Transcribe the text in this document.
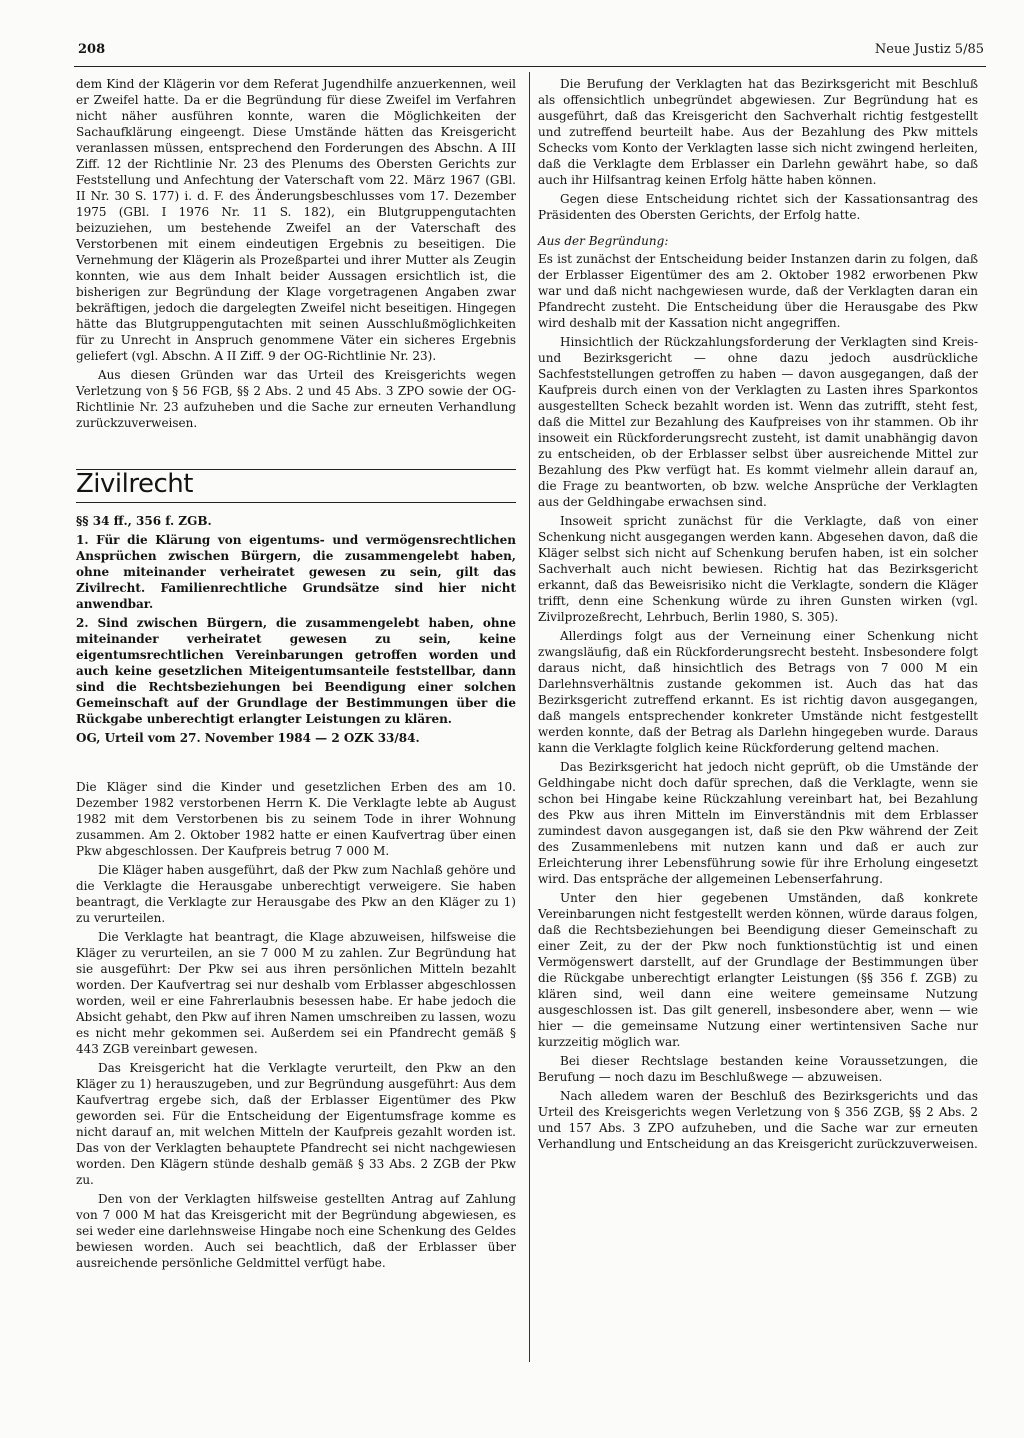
208	Neue Justiz 5/85

dem Kind der Klägerin vor dem Referat Jugendhilfe anzuerkennen, weil er Zweifel hatte. Da er die Begründung für diese Zweifel im Verfahren nicht näher ausführen konnte, waren die Möglichkeiten der Sachaufklärung eingeengt. Diese Umstände hätten das Kreisgericht veranlassen müssen, entsprechend den Forderungen des Abschn. A III Ziff. 12 der Richtlinie Nr. 23 des Plenums des Obersten Gerichts zur Feststellung und Anfechtung der Vaterschaft vom 22. März 1967 (GBl. II Nr. 30 S. 177) i. d. F. des Änderungsbeschlusses vom 17. Dezember 1975 (GBl. I 1976 Nr. 11 S. 182), ein Blutgruppengutachten beizuziehen, um bestehende Zweifel an der Vaterschaft des Verstorbenen mit einem eindeutigen Ergebnis zu beseitigen. Die Vernehmung der Klägerin als Prozeßpartei und ihrer Mutter als Zeugin konnten, wie aus dem Inhalt beider Aussagen ersichtlich ist, die bisherigen zur Begründung der Klage vorgetragenen Angaben zwar bekräftigen, jedoch die dargelegten Zweifel nicht beseitigen. Hingegen hätte das Blutgruppengutachten mit seinen Ausschlußmöglichkeiten für zu Unrecht in Anspruch genommene Väter ein sicheres Ergebnis geliefert (vgl. Abschn. A II Ziff. 9 der OG-Richtlinie Nr. 23).

Aus diesen Gründen war das Urteil des Kreisgerichts wegen Verletzung von § 56 FGB, §§ 2 Abs. 2 und 45 Abs. 3 ZPO sowie der OG-Richtlinie Nr. 23 aufzuheben und die Sache zur erneuten Verhandlung zurückzuverweisen.

Zivilrecht

§§ 34 ff., 356 f. ZGB.

1. Für die Klärung von eigentums- und vermögensrechtlichen Ansprüchen zwischen Bürgern, die zusammengelebt haben, ohne miteinander verheiratet gewesen zu sein, gilt das Zivilrecht. Familienrechtliche Grundsätze sind hier nicht anwendbar.

2. Sind zwischen Bürgern, die zusammengelebt haben, ohne miteinander verheiratet gewesen zu sein, keine eigentumsrechtlichen Vereinbarungen getroffen worden und auch keine gesetzlichen Miteigentumsanteile feststellbar, dann sind die Rechtsbeziehungen bei Beendigung einer solchen Gemeinschaft auf der Grundlage der Bestimmungen über die Rückgabe unberechtigt erlangter Leistungen zu klären.

OG, Urteil vom 27. November 1984 — 2 OZK 33/84.

Die Kläger sind die Kinder und gesetzlichen Erben des am 10. Dezember 1982 verstorbenen Herrn K. Die Verklagte lebte ab August 1982 mit dem Verstorbenen bis zu seinem Tode in ihrer Wohnung zusammen. Am 2. Oktober 1982 hatte er einen Kaufvertrag über einen Pkw abgeschlossen. Der Kaufpreis betrug 7 000 M.

Die Kläger haben ausgeführt, daß der Pkw zum Nachlaß gehöre und die Verklagte die Herausgabe unberechtigt verweigere. Sie haben beantragt, die Verklagte zur Herausgabe des Pkw an den Kläger zu 1) zu verurteilen.

Die Verklagte hat beantragt, die Klage abzuweisen, hilfsweise die Kläger zu verurteilen, an sie 7 000 M zu zahlen. Zur Begründung hat sie ausgeführt: Der Pkw sei aus ihren persönlichen Mitteln bezahlt worden. Der Kaufvertrag sei nur deshalb vom Erblasser abgeschlossen worden, weil er eine Fahrerlaubnis besessen habe. Er habe jedoch die Absicht gehabt, den Pkw auf ihren Namen umschreiben zu lassen, wozu es nicht mehr gekommen sei. Außerdem sei ein Pfandrecht gemäß § 443 ZGB vereinbart gewesen.

Das Kreisgericht hat die Verklagte verurteilt, den Pkw an den Kläger zu 1) herauszugeben, und zur Begründung ausgeführt: Aus dem Kaufvertrag ergebe sich, daß der Erblasser Eigentümer des Pkw geworden sei. Für die Entscheidung der Eigentumsfrage komme es nicht darauf an, mit welchen Mitteln der Kaufpreis gezahlt worden ist. Das von der Verklagten behauptete Pfandrecht sei nicht nachgewiesen worden. Den Klägern stünde deshalb gemäß § 33 Abs. 2 ZGB der Pkw zu.

Den von der Verklagten hilfsweise gestellten Antrag auf Zahlung von 7 000 M hat das Kreisgericht mit der Begründung abgewiesen, es sei weder eine darlehnsweise Hingabe noch eine Schenkung des Geldes bewiesen worden. Auch sei beachtlich, daß der Erblasser über ausreichende persönliche Geldmittel verfügt habe.

Die Berufung der Verklagten hat das Bezirksgericht mit Beschluß als offensichtlich unbegründet abgewiesen. Zur Begründung hat es ausgeführt, daß das Kreisgericht den Sachverhalt richtig festgestellt und zutreffend beurteilt habe. Aus der Bezahlung des Pkw mittels Schecks vom Konto der Verklagten lasse sich nicht zwingend herleiten, daß die Verklagte dem Erblasser ein Darlehn gewährt habe, so daß auch ihr Hilfsantrag keinen Erfolg hätte haben können.

Gegen diese Entscheidung richtet sich der Kassationsantrag des Präsidenten des Obersten Gerichts, der Erfolg hatte.

Aus der Begründung:

Es ist zunächst der Entscheidung beider Instanzen darin zu folgen, daß der Erblasser Eigentümer des am 2. Oktober 1982 erworbenen Pkw war und daß nicht nachgewiesen wurde, daß der Verklagten daran ein Pfandrecht zusteht. Die Entscheidung über die Herausgabe des Pkw wird deshalb mit der Kassation nicht angegriffen.

Hinsichtlich der Rückzahlungsforderung der Verklagten sind Kreis- und Bezirksgericht — ohne dazu jedoch ausdrückliche Sachfeststellungen getroffen zu haben — davon ausgegangen, daß der Kaufpreis durch einen von der Verklagten zu Lasten ihres Sparkontos ausgestellten Scheck bezahlt worden ist. Wenn das zutrifft, steht fest, daß die Mittel zur Bezahlung des Kaufpreises von ihr stammen. Ob ihr insoweit ein Rückforderungsrecht zusteht, ist damit unabhängig davon zu entscheiden, ob der Erblasser selbst über ausreichende Mittel zur Bezahlung des Pkw verfügt hat. Es kommt vielmehr allein darauf an, die Frage zu beantworten, ob bzw. welche Ansprüche der Verklagten aus der Geldhingabe erwachsen sind.

Insoweit spricht zunächst für die Verklagte, daß von einer Schenkung nicht ausgegangen werden kann. Abgesehen davon, daß die Kläger selbst sich nicht auf Schenkung berufen haben, ist ein solcher Sachverhalt auch nicht bewiesen. Richtig hat das Bezirksgericht erkannt, daß das Beweisrisiko nicht die Verklagte, sondern die Kläger trifft, denn eine Schenkung würde zu ihren Gunsten wirken (vgl. Zivilprozeßrecht, Lehrbuch, Berlin 1980, S. 305).

Allerdings folgt aus der Verneinung einer Schenkung nicht zwangsläufig, daß ein Rückforderungsrecht besteht. Insbesondere folgt daraus nicht, daß hinsichtlich des Betrags von 7 000 M ein Darlehnsverhältnis zustande gekommen ist. Auch das hat das Bezirksgericht zutreffend erkannt. Es ist richtig davon ausgegangen, daß mangels entsprechender konkreter Umstände nicht festgestellt werden konnte, daß der Betrag als Darlehn hingegeben wurde. Daraus kann die Verklagte folglich keine Rückforderung geltend machen.

Das Bezirksgericht hat jedoch nicht geprüft, ob die Umstände der Geldhingabe nicht doch dafür sprechen, daß die Verklagte, wenn sie schon bei Hingabe keine Rückzahlung vereinbart hat, bei Bezahlung des Pkw aus ihren Mitteln im Einverständnis mit dem Erblasser zumindest davon ausgegangen ist, daß sie den Pkw während der Zeit des Zusammenlebens mit nutzen kann und daß er auch zur Erleichterung ihrer Lebensführung sowie für ihre Erholung eingesetzt wird. Das entspräche der allgemeinen Lebenserfahrung.

Unter den hier gegebenen Umständen, daß konkrete Vereinbarungen nicht festgestellt werden können, würde daraus folgen, daß die Rechtsbeziehungen bei Beendigung dieser Gemeinschaft zu einer Zeit, zu der der Pkw noch funktionstüchtig ist und einen Vermögenswert darstellt, auf der Grundlage der Bestimmungen über die Rückgabe unberechtigt erlangter Leistungen (§§ 356 f. ZGB) zu klären sind, weil dann eine weitere gemeinsame Nutzung ausgeschlossen ist. Das gilt generell, insbesondere aber, wenn — wie hier — die gemeinsame Nutzung einer wertintensiven Sache nur kurzzeitig möglich war.

Bei dieser Rechtslage bestanden keine Voraussetzungen, die Berufung — noch dazu im Beschlußwege — abzuweisen.

Nach alledem waren der Beschluß des Bezirksgerichts und das Urteil des Kreisgerichts wegen Verletzung von § 356 ZGB, §§ 2 Abs. 2 und 157 Abs. 3 ZPO aufzuheben, und die Sache war zur erneuten Verhandlung und Entscheidung an das Kreisgericht zurückzuverweisen.
